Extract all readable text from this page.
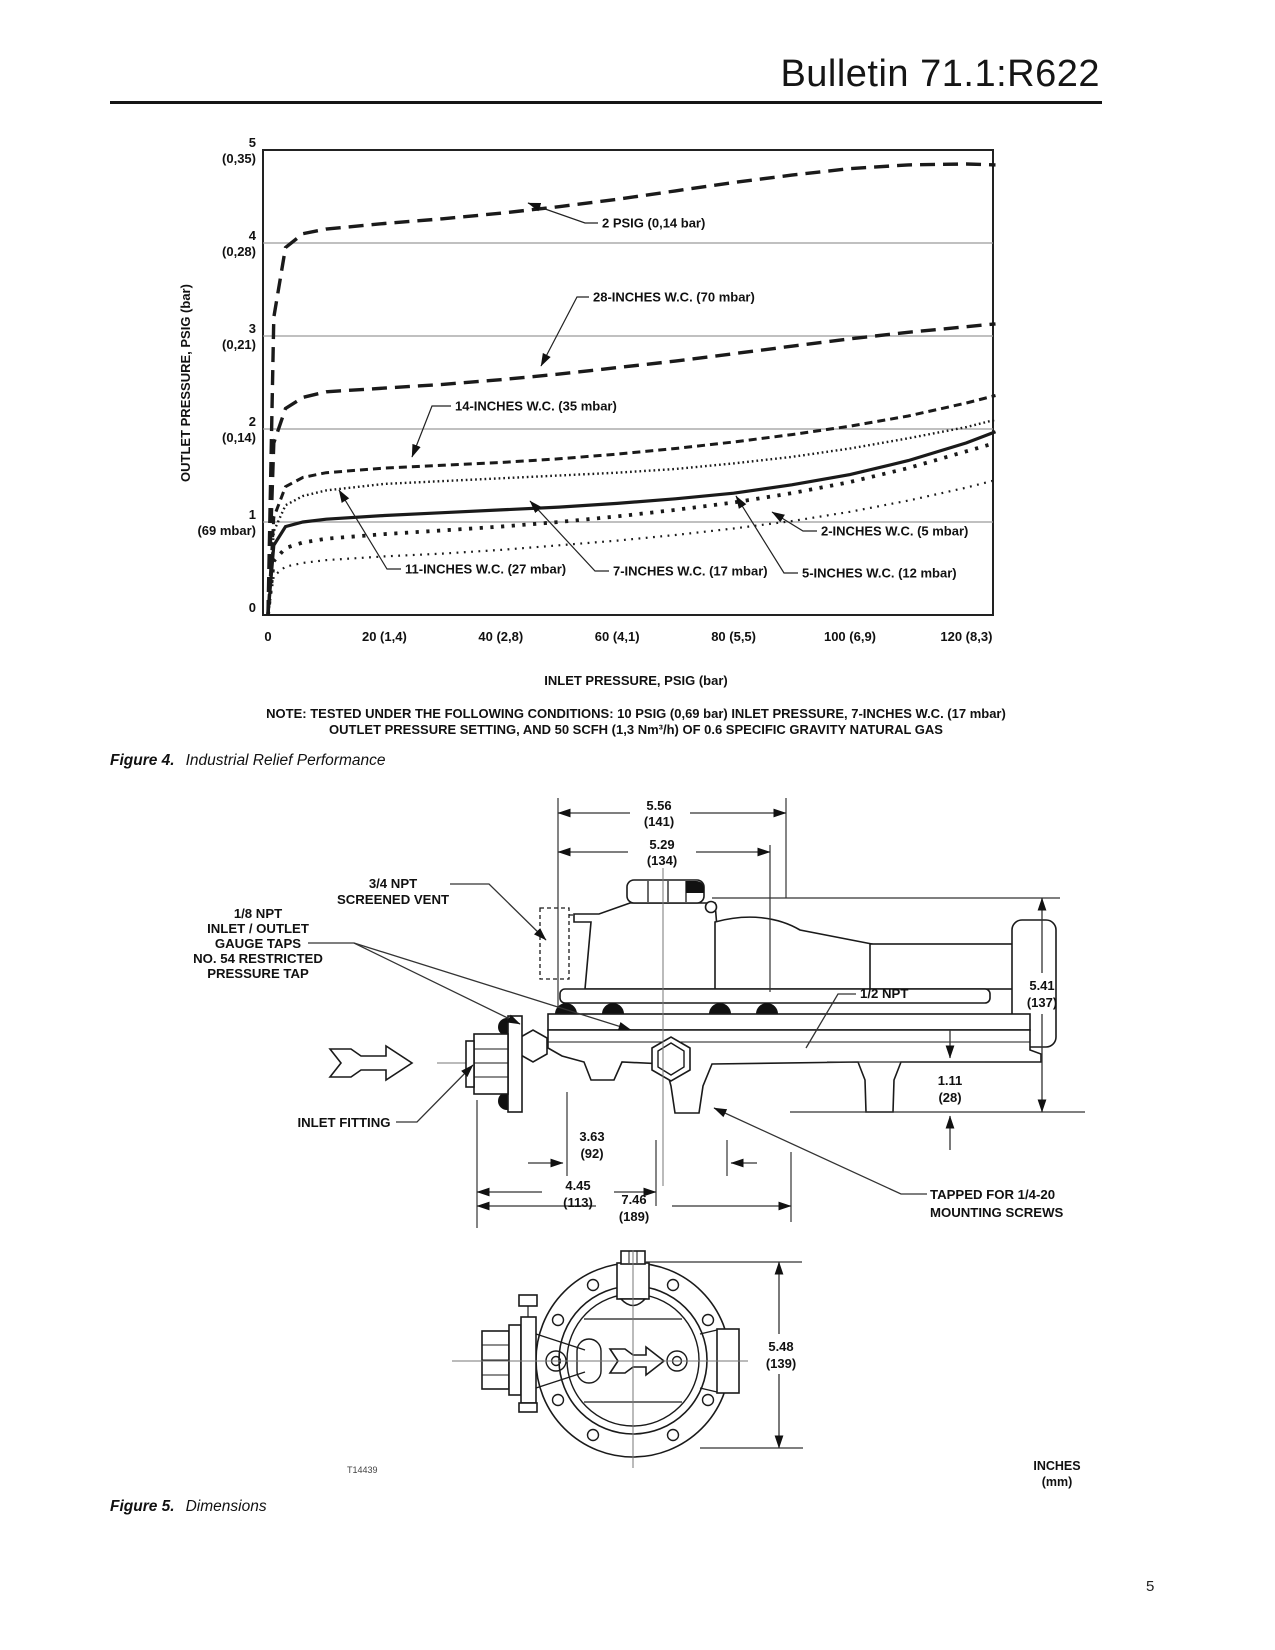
Bulletin 71.1:R622
5
(0,35)
4
(0,28)
3
(0,21)
2
(0,14)
1
(69 mbar)
0
0	20 (1,4)	40 (2,8)	60 (4,1)	80 (5,5)	100 (6,9)	120 (8,3)
2 PSIG (0,14 bar)
28-INCHES W.C. (70 mbar)
14-INCHES W.C. (35 mbar)
11-INCHES W.C. (27 mbar)	7-INCHES W.C. (17 mbar)	5-INCHES W.C. (12 mbar)
2-INCHES W.C. (5 mbar)
OUTLET PRESSURE, PSIG (bar)
INLET PRESSURE, PSIG (bar)
NOTE: TESTED UNDER THE FOLLOWING CONDITIONS: 10 PSIG (0,69 bar) INLET PRESSURE, 7-INCHES W.C. (17 mbar)
OUTLET PRESSURE SETTING, AND 50 SCFH (1,3 Nm³/h) OF 0.6 SPECIFIC GRAVITY NATURAL GAS
5.56
(141)
5.29
(134)
5.41
(137)
1.11
(28)
3.63
(92)
4.45
(113) 7.46
(189)
5.48
(139)
3/4 NPT
SCREENED VENT
1/8 NPT
INLET / OUTLET
GAUGE TAPS
NO. 54 RESTRICTED
PRESSURE TAP
INLET FITTING
1/2 NPT
TAPPED FOR 1/4-20
MOUNTING SCREWS
T14439	INCHES
(mm)
Figure 4. Industrial Relief Performance
Figure 5. Dimensions
5
